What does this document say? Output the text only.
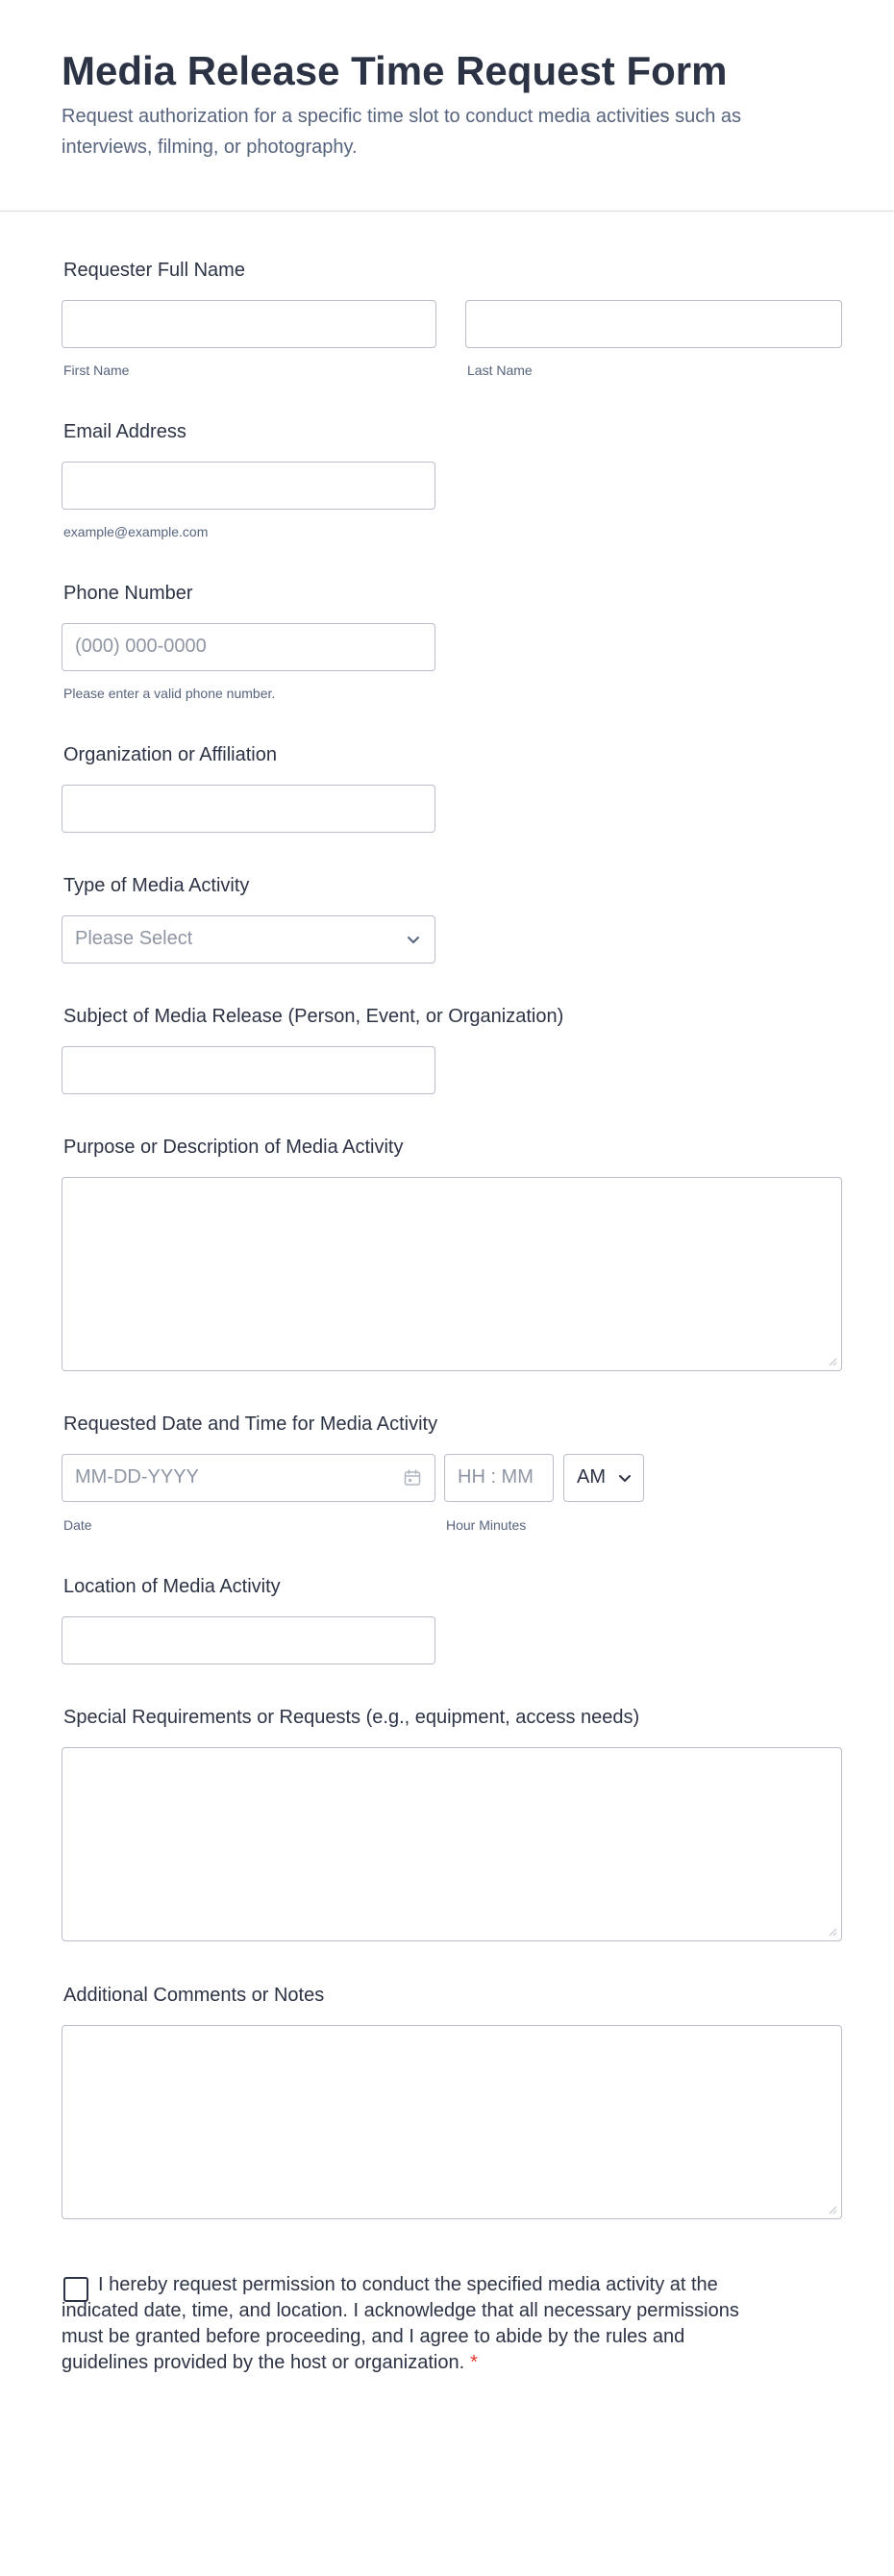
Media Release Time Request Form
Request authorization for a specific time slot to conduct media activities such as interviews, filming, or photography.
Requester Full Name
First Name	Last Name
Email Address
example@example.com
Phone Number
(000) 000-0000
Please enter a valid phone number.
Organization or Affiliation
Type of Media Activity
Please Select
Subject of Media Release (Person, Event, or Organization)
Purpose or Description of Media Activity
Requested Date and Time for Media Activity
MM-DD-YYYY	HH : MM AM
Date	Hour Minutes
Location of Media Activity
Special Requirements or Requests (e.g., equipment, access needs)
Additional Comments or Notes
I hereby request permission to conduct the specified media activity at the indicated date, time, and location. I acknowledge that all necessary permissions must be granted before proceeding, and I agree to abide by the rules and guidelines provided by the host or organization. *
